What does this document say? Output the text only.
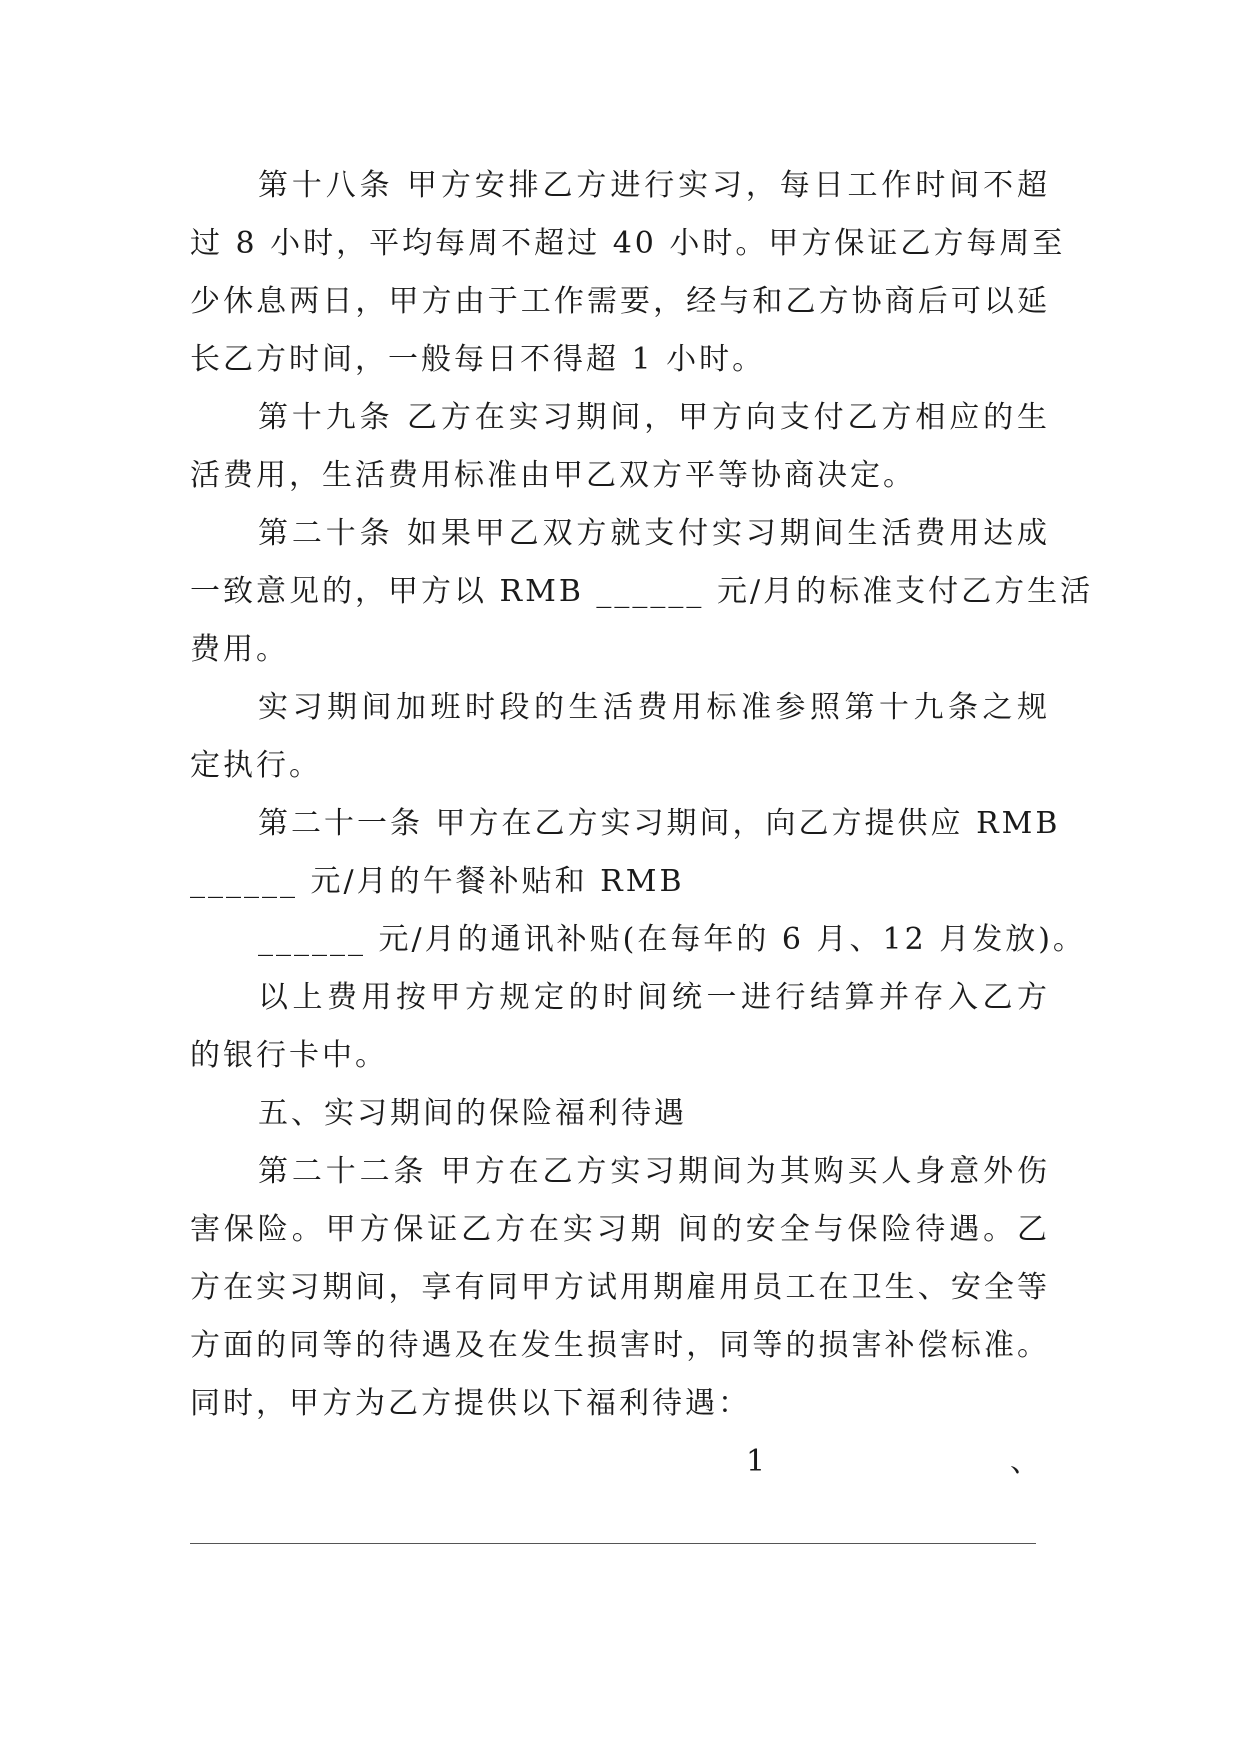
第十八条 甲方安排乙方进行实习，每日工作时间不超
过 8 小时，平均每周不超过 40 小时。甲方保证乙方每周至
少休息两日，甲方由于工作需要，经与和乙方协商后可以延
长乙方时间，一般每日不得超 1 小时。
第十九条 乙方在实习期间，甲方向支付乙方相应的生
活费用，生活费用标准由甲乙双方平等协商决定。
第二十条 如果甲乙双方就支付实习期间生活费用达成
一致意见的，甲方以 RMB ______ 元/月的标准支付乙方生活
费用。
实习期间加班时段的生活费用标准参照第十九条之规
定执行。
第二十一条 甲方在乙方实习期间，向乙方提供应 RMB
______ 元/月的午餐补贴和 RMB
______ 元/月的通讯补贴(在每年的 6 月、12 月发放)。
以上费用按甲方规定的时间统一进行结算并存入乙方
的银行卡中。
五、实习期间的保险福利待遇
第二十二条 甲方在乙方实习期间为其购买人身意外伤
害保险。甲方保证乙方在实习期 间的安全与保险待遇。乙
方在实习期间，享有同甲方试用期雇用员工在卫生、安全等
方面的同等的待遇及在发生损害时，同等的损害补偿标准。
同时，甲方为乙方提供以下福利待遇：
1	、
